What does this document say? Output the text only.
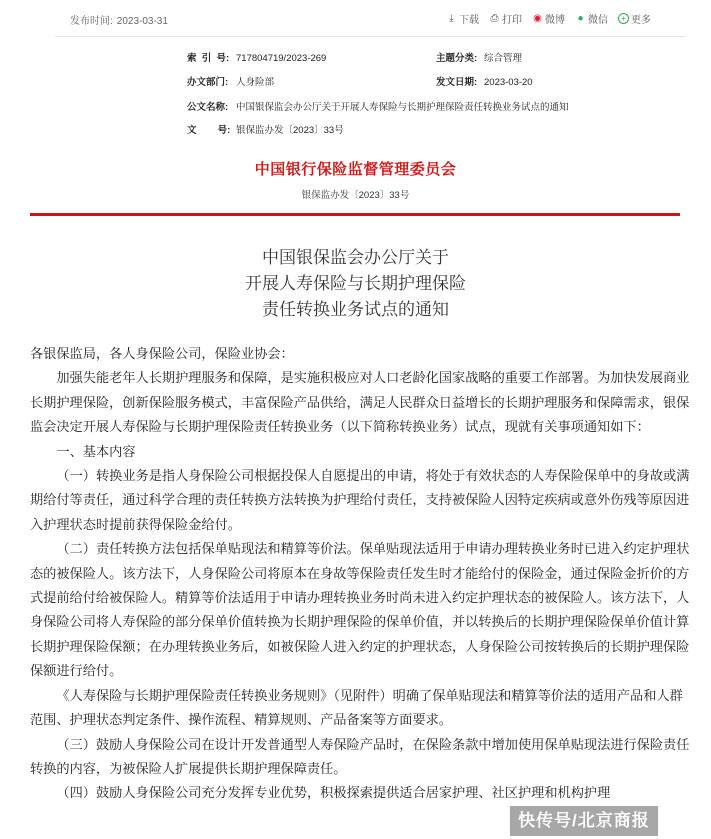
发布时间: 2023-03-31	⤓ 下载 ⎙ 打印 ◉ 微博 ● 微信	+ 更多
索  引  号: 717804719/2023-269	主题分类: 综合管理
办文部门: 人身险部	发文日期: 2023-03-20
公文名称: 中国银保监会办公厅关于开展人寿保险与长期护理保险责任转换业务试点的通知
文        号: 银保监办发〔2023〕33号
中国银行保险监督管理委员会
银保监办发〔2023〕33号
中国银保监会办公厅关于
开展人寿保险与长期护理保险
责任转换业务试点的通知

各银保监局，各人身保险公司，保险业协会：

加强失能老年人长期护理服务和保障，是实施积极应对人口老龄化国家战略的重要工作部署。为加快发展商业长期护理保险，创新保险服务模式，丰富保险产品供给，满足人民群众日益增长的长期护理服务和保障需求，银保监会决定开展人寿保险与长期护理保险责任转换业务（以下简称转换业务）试点，现就有关事项通知如下：

一、基本内容

（一）转换业务是指人身保险公司根据投保人自愿提出的申请，将处于有效状态的人寿保险保单中的身故或满期给付等责任，通过科学合理的责任转换方法转换为护理给付责任，支持被保险人因特定疾病或意外伤残等原因进入护理状态时提前获得保险金给付。

（二）责任转换方法包括保单贴现法和精算等价法。保单贴现法适用于申请办理转换业务时已进入约定护理状态的被保险人。该方法下，人身保险公司将原本在身故等保险责任发生时才能给付的保险金，通过保险金折价的方式提前给付给被保险人。精算等价法适用于申请办理转换业务时尚未进入约定护理状态的被保险人。该方法下，人身保险公司将人寿保险的部分保单价值转换为长期护理保险的保单价值，并以转换后的长期护理保险保单价值计算长期护理保险保额；在办理转换业务后，如被保险人进入约定的护理状态，人身保险公司按转换后的长期护理保险保额进行给付。

《人寿保险与长期护理保险责任转换业务规则》（见附件）明确了保单贴现法和精算等价法的适用产品和人群范围、护理状态判定条件、操作流程、精算规则、产品备案等方面要求。

（三）鼓励人身保险公司在设计开发普通型人寿保险产品时，在保险条款中增加使用保单贴现法进行保险责任转换的内容，为被保险人扩展提供长期护理保障责任。

（四）鼓励人身保险公司充分发挥专业优势，积极探索提供适合居家护理、社区护理和机构护理

快传号/北京商报
